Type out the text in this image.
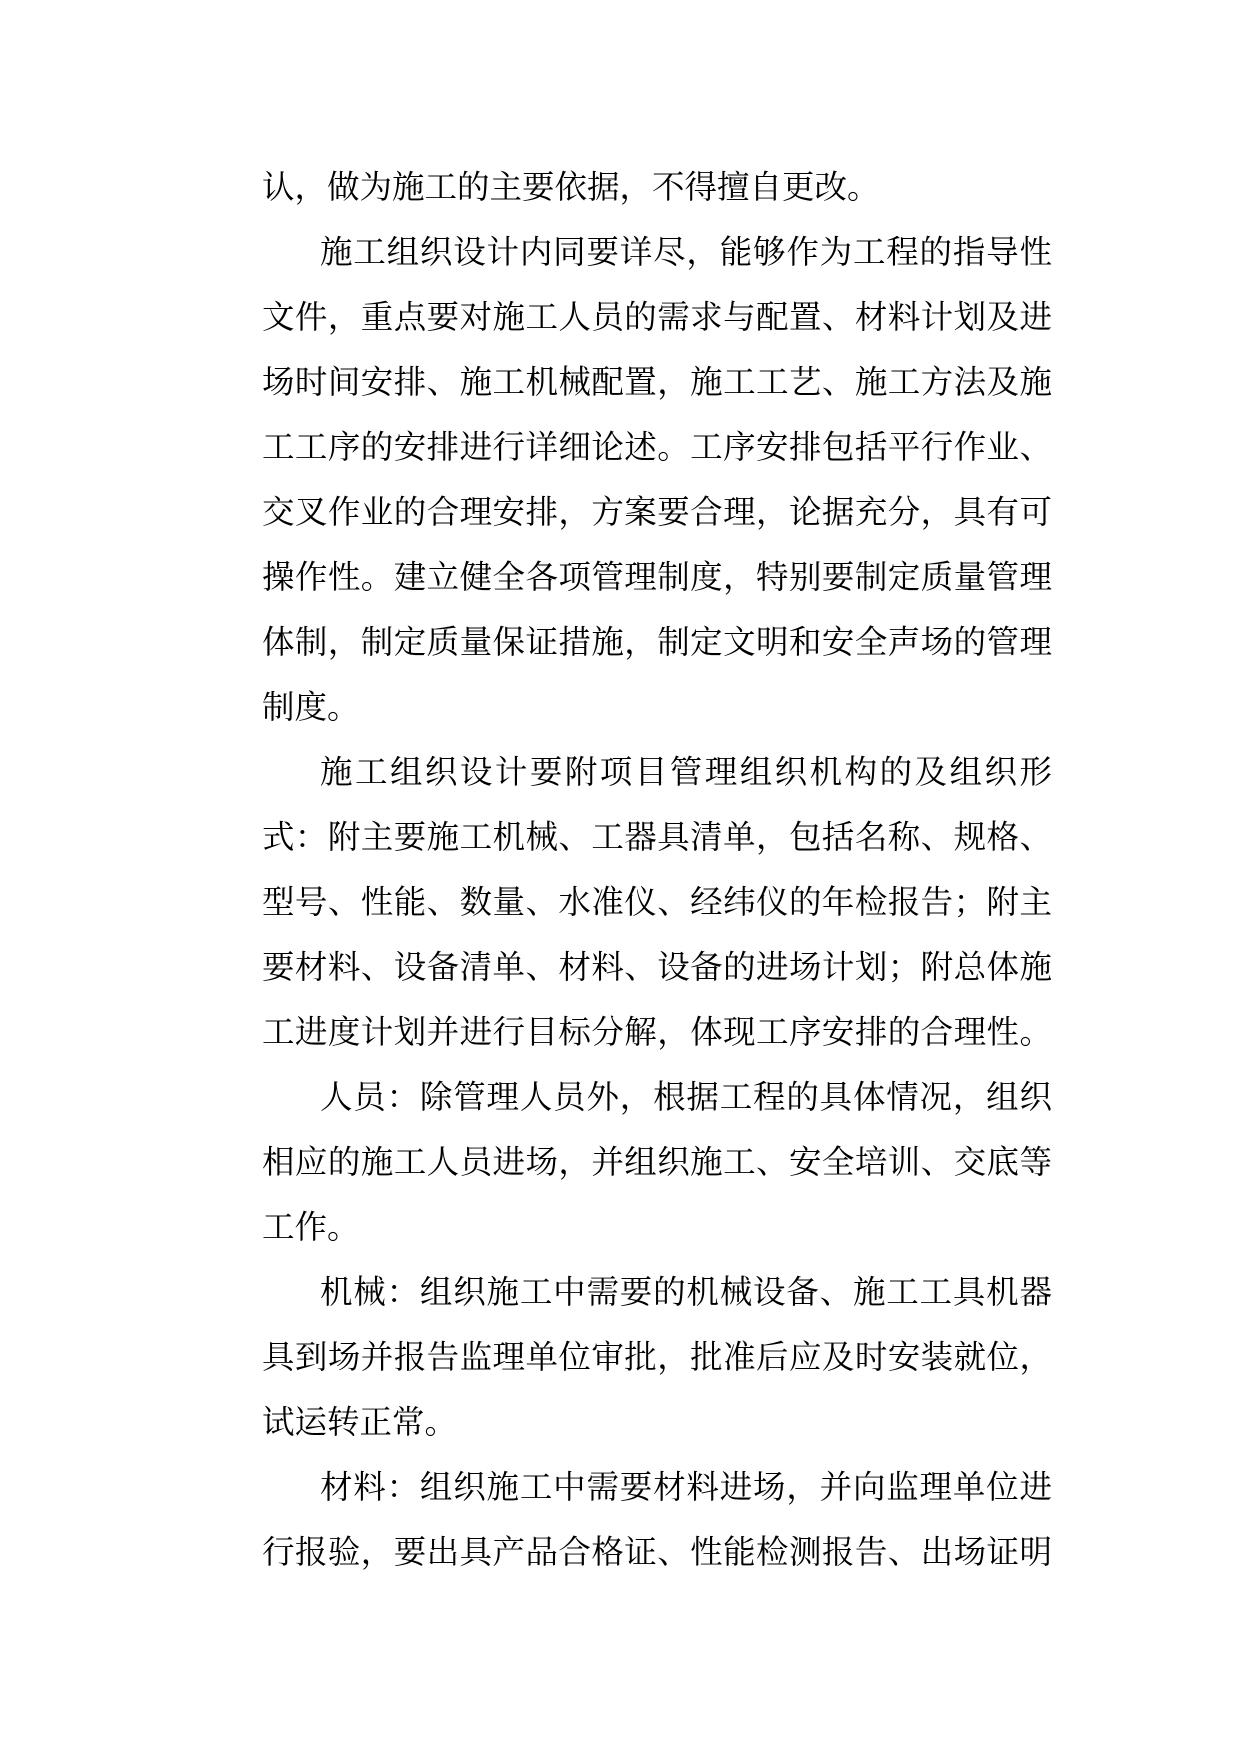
认，做为施工的主要依据，不得擅自更改。
施工组织设计内同要详尽，能够作为工程的指导性
文件，重点要对施工人员的需求与配置、材料计划及进
场时间安排、施工机械配置，施工工艺、施工方法及施
工工序的安排进行详细论述。工序安排包括平行作业、
交叉作业的合理安排，方案要合理，论据充分，具有可
操作性。建立健全各项管理制度，特别要制定质量管理
体制，制定质量保证措施，制定文明和安全声场的管理
制度。
施工组织设计要附项目管理组织机构的及组织形
式：附主要施工机械、工器具清单，包括名称、规格、
型号、性能、数量、水准仪、经纬仪的年检报告；附主
要材料、设备清单、材料、设备的进场计划；附总体施
工进度计划并进行目标分解，体现工序安排的合理性。
人员：除管理人员外，根据工程的具体情况，组织
相应的施工人员进场，并组织施工、安全培训、交底等
工作。
机械：组织施工中需要的机械设备、施工工具机器
具到场并报告监理单位审批，批准后应及时安装就位，
试运转正常。
材料：组织施工中需要材料进场，并向监理单位进
行报验，要出具产品合格证、性能检测报告、出场证明
